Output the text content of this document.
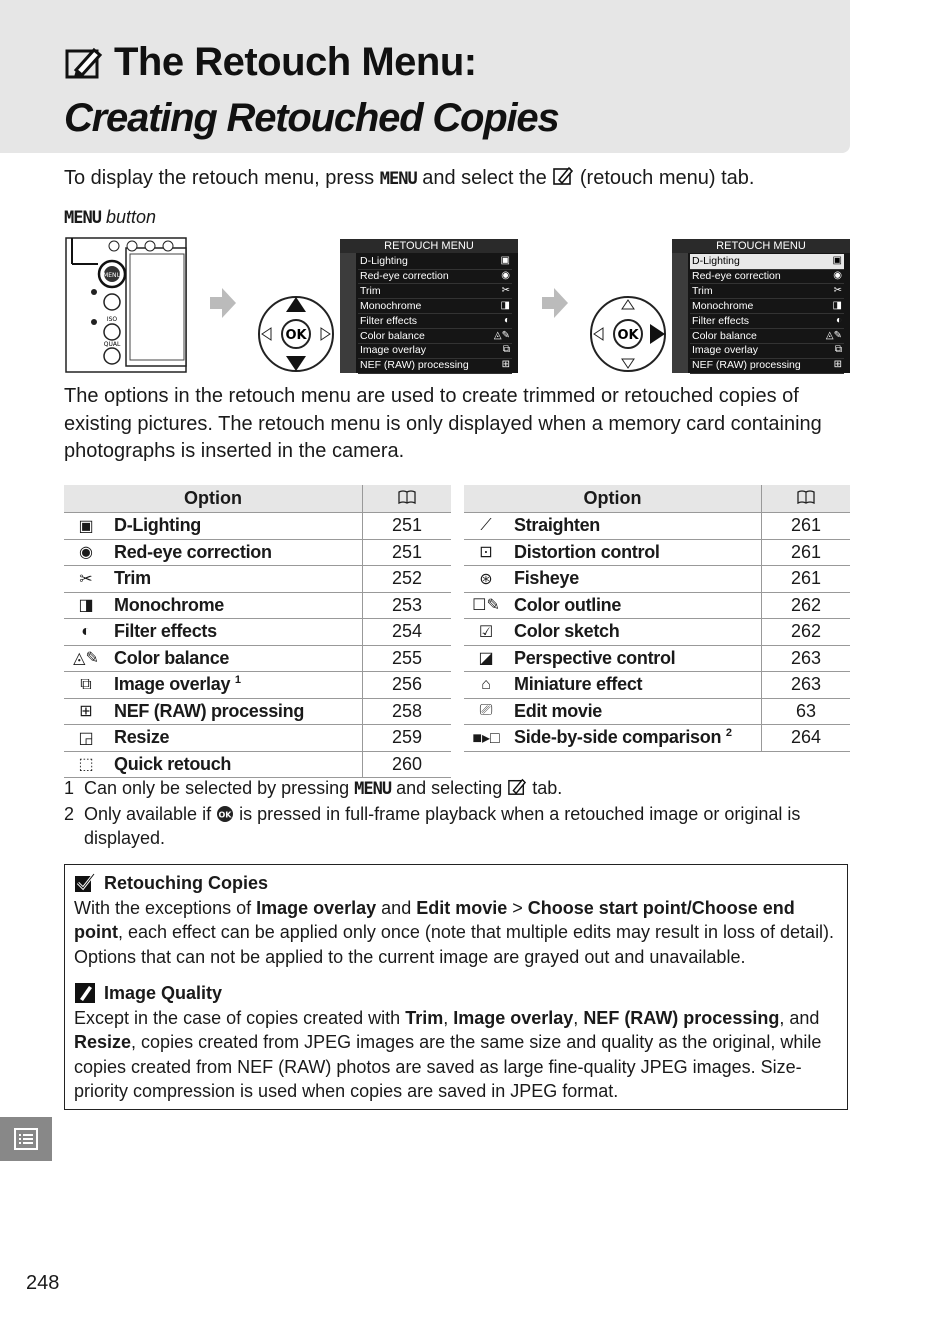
The Retouch Menu:
Creating Retouched Copies
To display the retouch menu, press MENU and select the  (retouch menu) tab.
MENU button
MENU
ISO
QUAL
OK
RETOUCH MENU
D-Lighting	▣
Red-eye correction	◉
Trim	✂
Monochrome	◨
Filter effects	◐
Color balance	◬✎
Image overlay	⧉
NEF (RAW) processing	⊞
OK
RETOUCH MENU
D-Lighting	▣
Red-eye correction	◉
Trim	✂
Monochrome	◨
Filter effects	◐
Color balance	◬✎
Image overlay	⧉
NEF (RAW) processing	⊞
The options in the retouch menu are used to create trimmed or retouched copies of existing pictures. The retouch menu is only displayed when a memory card containing photographs is inserted in the camera.
Option	
▣	D-Lighting	251
◉	Red-eye correction	251
✂	Trim	252
◨	Monochrome	253
◐	Filter effects	254
◬✎	Color balance	255
⧉	Image overlay $^1$	256
⊞	NEF (RAW) processing	258
◲	Resize	259
⬚	Quick retouch	260
Option	
⟋	Straighten	261
⊡	Distortion control	261
⊛	Fisheye	261
☐✎	Color outline	262
☑	Color sketch	262
◪	Perspective control	263
⌂	Miniature effect	263
⎚	Edit movie	63
■▸□	Side-by-side comparison $^2$	264
1 Can only be selected by pressing MENU and selecting  tab.
2 Only available if OK is pressed in full-frame playback when a retouched image or original is displayed.
Retouching Copies

With the exceptions of Image overlay and Edit movie > Choose start point/Choose end point, each effect can be applied only once (note that multiple edits may result in loss of detail). Options that can not be applied to the current image are grayed out and unavailable.

Image Quality

Except in the case of copies created with Trim, Image overlay, NEF (RAW) processing, and Resize, copies created from JPEG images are the same size and quality as the original, while copies created from NEF (RAW) photos are saved as large fine-quality JPEG images. Size-priority compression is used when copies are saved in JPEG format.

248
